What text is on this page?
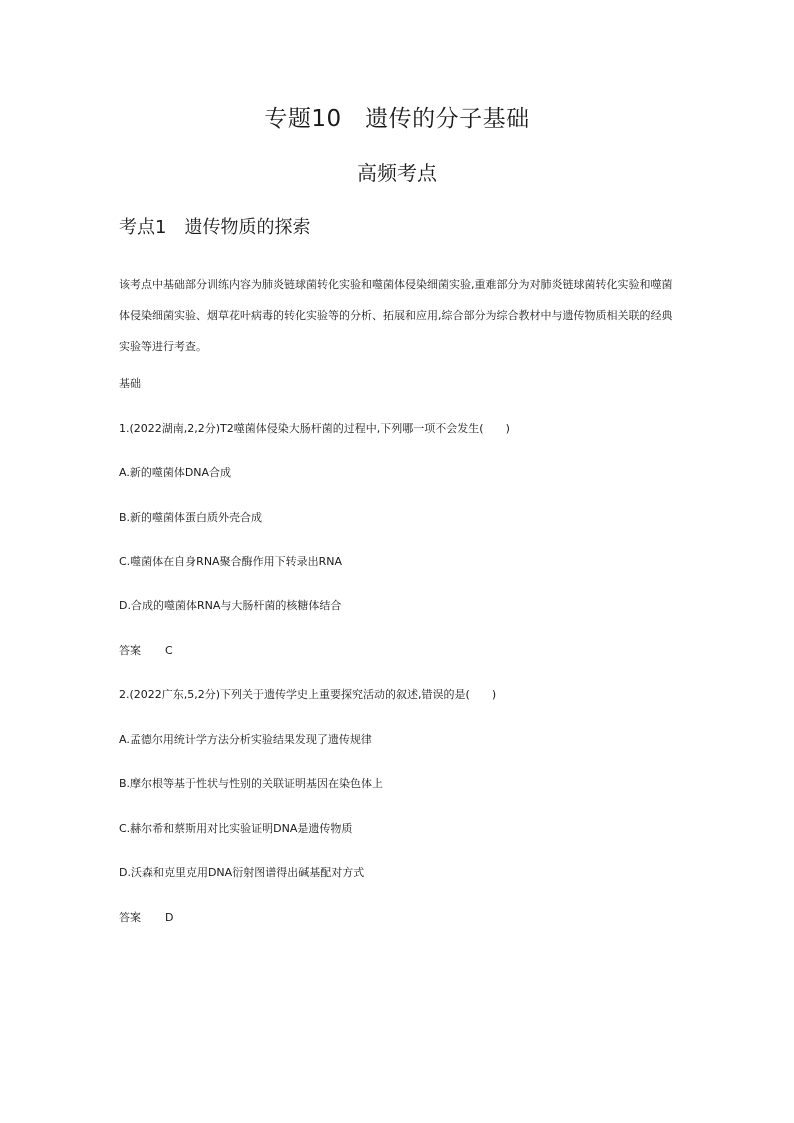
专题10　遗传的分子基础
高频考点
考点1　遗传物质的探索
该考点中基础部分训练内容为肺炎链球菌转化实验和噬菌体侵染细菌实验,重难部分为对肺炎链球菌转化实验和噬菌体侵染细菌实验、烟草花叶病毒的转化实验等的分析、拓展和应用,综合部分为综合教材中与遗传物质相关联的经典实验等进行考查。
基础
1.(2022湖南,2,2分)T2噬菌体侵染大肠杆菌的过程中,下列哪一项不会发生(　　)
A.新的噬菌体DNA合成
B.新的噬菌体蛋白质外壳合成
C.噬菌体在自身RNA聚合酶作用下转录出RNA
D.合成的噬菌体RNA与大肠杆菌的核糖体结合
答案 C
2.(2022广东,5,2分)下列关于遗传学史上重要探究活动的叙述,错误的是(　　)
A.孟德尔用统计学方法分析实验结果发现了遗传规律
B.摩尔根等基于性状与性别的关联证明基因在染色体上
C.赫尔希和蔡斯用对比实验证明DNA是遗传物质
D.沃森和克里克用DNA衍射图谱得出碱基配对方式
答案 D
